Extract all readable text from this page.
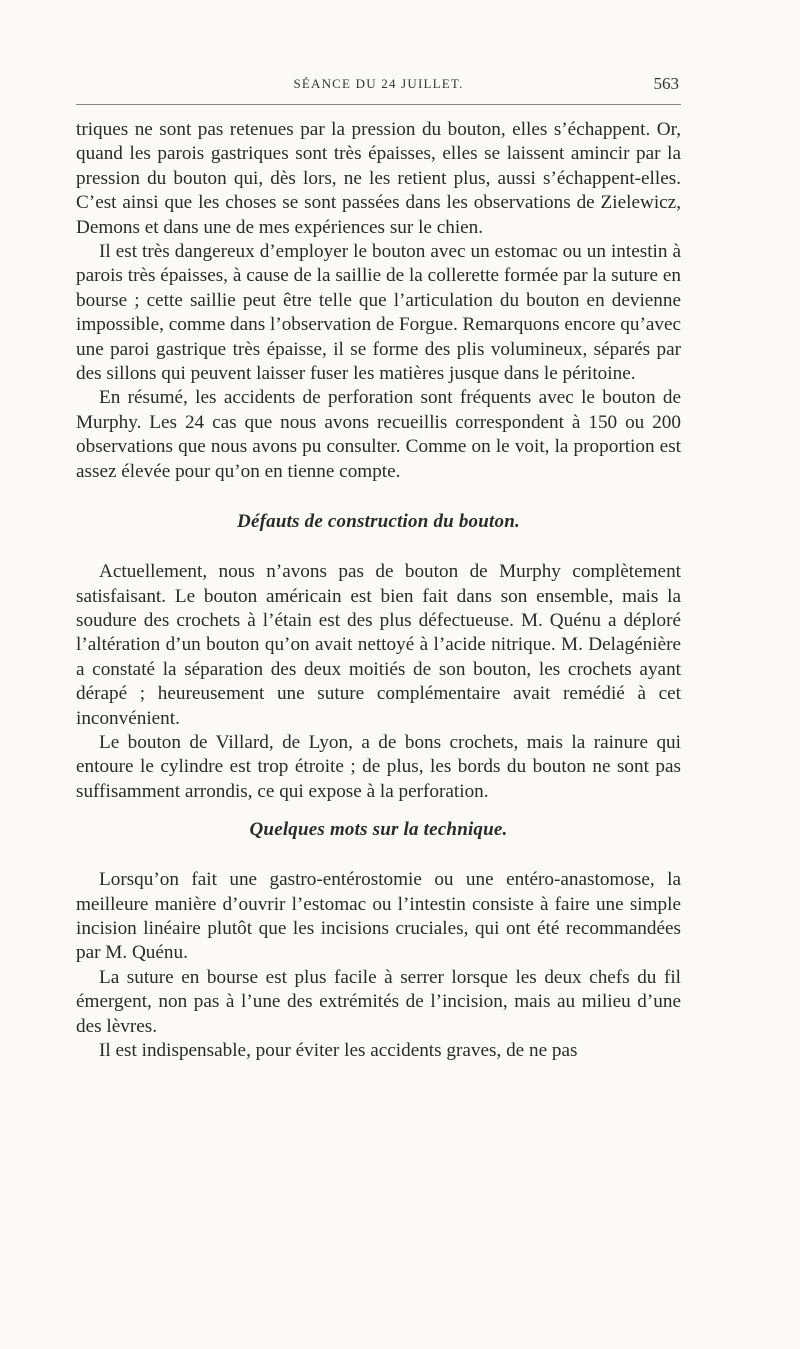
SÉANCE DU 24 JUILLET.	563

triques ne sont pas retenues par la pression du bouton, elles s’échappent. Or, quand les parois gastriques sont très épaisses, elles se laissent amincir par la pression du bouton qui, dès lors, ne les retient plus, aussi s’échappent-elles. C’est ainsi que les choses se sont passées dans les observations de Zielewicz, Demons et dans une de mes expériences sur le chien.

Il est très dangereux d’employer le bouton avec un estomac ou un intestin à parois très épaisses, à cause de la saillie de la collerette formée par la suture en bourse ; cette saillie peut être telle que l’articulation du bouton en devienne impossible, comme dans l’observation de Forgue. Remarquons encore qu’avec une paroi gastrique très épaisse, il se forme des plis volumineux, séparés par des sillons qui peuvent laisser fuser les matières jusque dans le péritoine.

En résumé, les accidents de perforation sont fréquents avec le bouton de Murphy. Les 24 cas que nous avons recueillis correspondent à 150 ou 200 observations que nous avons pu consulter. Comme on le voit, la proportion est assez élevée pour qu’on en tienne compte.

Défauts de construction du bouton.

Actuellement, nous n’avons pas de bouton de Murphy complètement satisfaisant. Le bouton américain est bien fait dans son ensemble, mais la soudure des crochets à l’étain est des plus défectueuse. M. Quénu a déploré l’altération d’un bouton qu’on avait nettoyé à l’acide nitrique. M. Delagénière a constaté la séparation des deux moitiés de son bouton, les crochets ayant dérapé ; heureusement une suture complémentaire avait remédié à cet inconvénient.

Le bouton de Villard, de Lyon, a de bons crochets, mais la rainure qui entoure le cylindre est trop étroite ; de plus, les bords du bouton ne sont pas suffisamment arrondis, ce qui expose à la perforation.

Quelques mots sur la technique.

Lorsqu’on fait une gastro-entérostomie ou une entéro-anastomose, la meilleure manière d’ouvrir l’estomac ou l’intestin consiste à faire une simple incision linéaire plutôt que les incisions cruciales, qui ont été recommandées par M. Quénu.

La suture en bourse est plus facile à serrer lorsque les deux chefs du fil émergent, non pas à l’une des extrémités de l’incision, mais au milieu d’une des lèvres.

Il est indispensable, pour éviter les accidents graves, de ne pas
